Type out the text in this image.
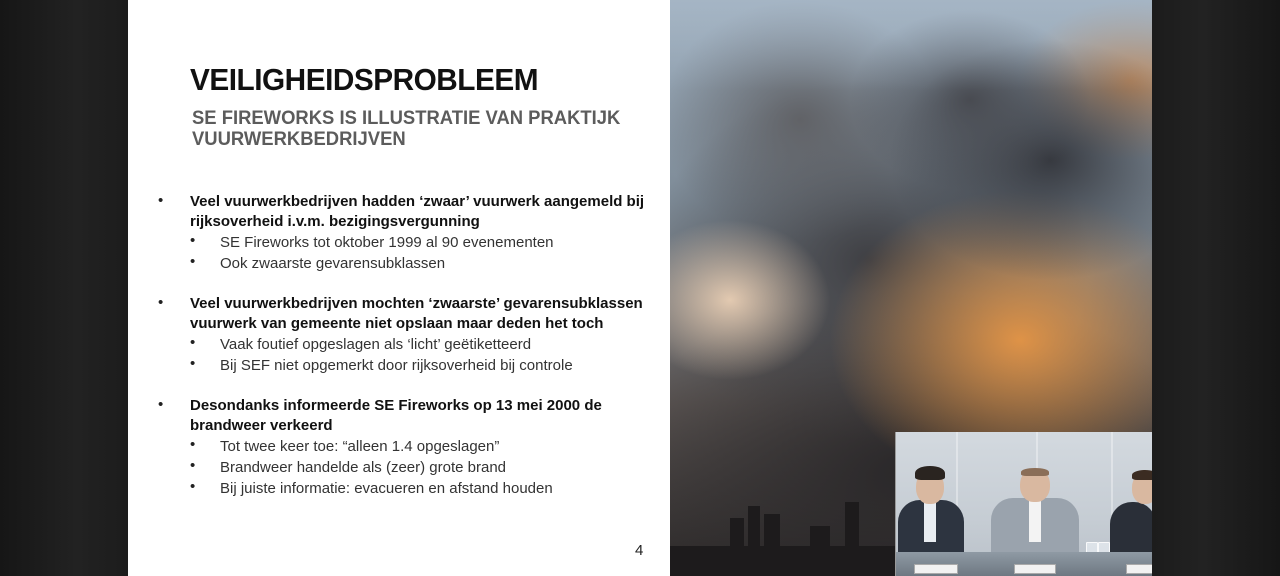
VEILIGHEIDSPROBLEEM
SE FIREWORKS IS ILLUSTRATIE VAN PRAKTIJK VUURWERKBEDRIJVEN

• Veel vuurwerkbedrijven hadden ‘zwaar’ vuurwerk aangemeld bij rijksoverheid i.v.m. bezigingsvergunning

• SE Fireworks tot oktober 1999 al 90 evenementen

• Ook zwaarste gevarensubklassen

• Veel vuurwerkbedrijven mochten ‘zwaarste’ gevarensubklassen vuurwerk van gemeente niet opslaan maar deden het toch

• Vaak foutief opgeslagen als ‘licht’ geëtiketteerd

• Bij SEF niet opgemerkt door rijksoverheid bij controle

• Desondanks informeerde SE Fireworks op 13 mei 2000 de brandweer verkeerd

• Tot twee keer toe: “alleen 1.4 opgeslagen”

• Brandweer handelde als (zeer) grote brand

• Bij juiste informatie: evacueren en afstand houden

4
